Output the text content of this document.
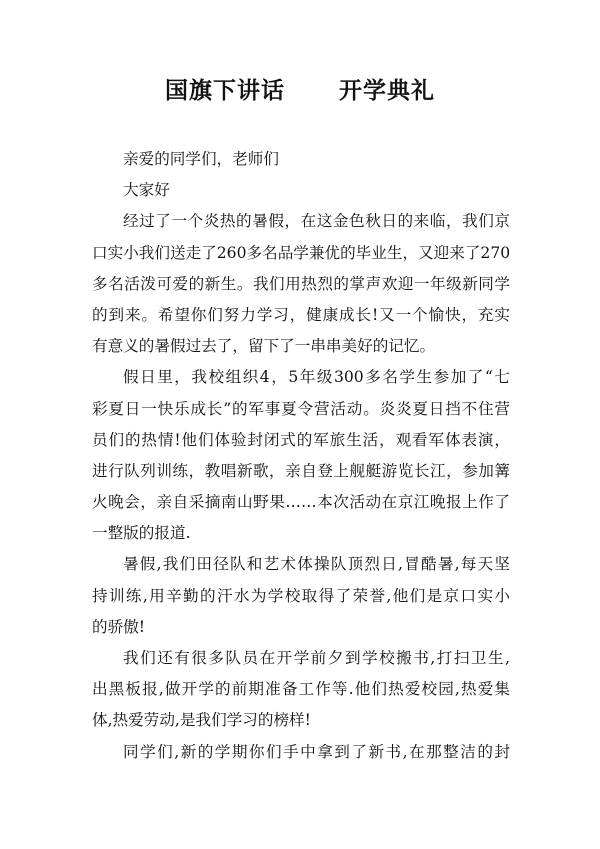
国旗下讲话      开学典礼
亲爱的同学们，老师们
大家好
经过了一个炎热的暑假，在这金色秋日的来临，我们京
口实小我们送走了260多名品学兼优的毕业生，又迎来了270
多名活泼可爱的新生。我们用热烈的掌声欢迎一年级新同学
的到来。希望你们努力学习，健康成长!又一个愉快，充实
有意义的暑假过去了，留下了一串串美好的记忆。
假日里，我校组织4，5年级300多名学生参加了“七
彩夏日一快乐成长”的军事夏令营活动。炎炎夏日挡不住营
员们的热情!他们体验封闭式的军旅生活，观看军体表演，
进行队列训练，教唱新歌，亲自登上舰艇游览长江，参加篝
火晚会，亲自采摘南山野果……本次活动在京江晚报上作了
一整版的报道.
暑假,我们田径队和艺术体操队顶烈日,冒酷暑,每天坚
持训练,用辛勤的汗水为学校取得了荣誉,他们是京口实小
的骄傲!
我们还有很多队员在开学前夕到学校搬书,打扫卫生,
出黑板报,做开学的前期准备工作等.他们热爱校园,热爱集
体,热爱劳动,是我们学习的榜样!
同学们,新的学期你们手中拿到了新书,在那整洁的封
